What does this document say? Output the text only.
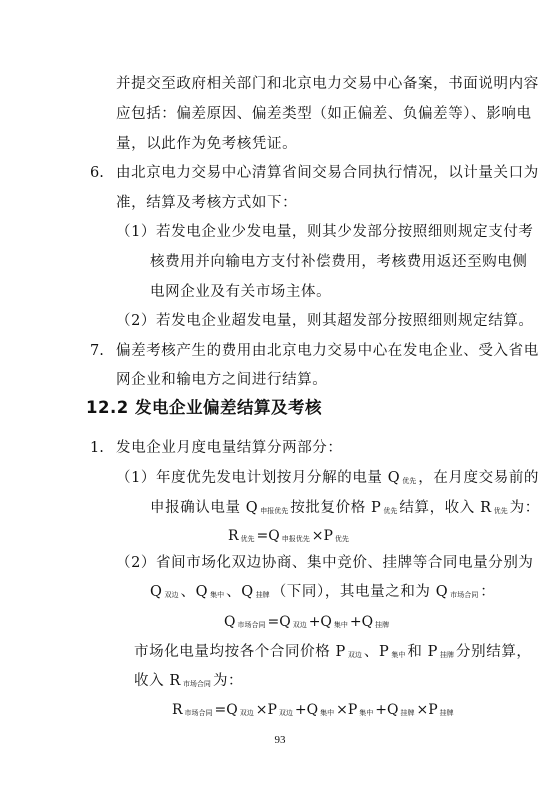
并提交至政府相关部门和北京电力交易中心备案，书面说明内容
应包括：偏差原因、偏差类型（如正偏差、负偏差等）、影响电
量，以此作为免考核凭证。
6. 由北京电力交易中心清算省间交易合同执行情况，以计量关口为
准，结算及考核方式如下：
（1）若发电企业少发电量，则其少发部分按照细则规定支付考
核费用并向输电方支付补偿费用，考核费用返还至购电侧
电网企业及有关市场主体。
（2）若发电企业超发电量，则其超发部分按照细则规定结算。
7. 偏差考核产生的费用由北京电力交易中心在发电企业、受入省电
网企业和输电方之间进行结算。
12.2 发电企业偏差结算及考核
1. 发电企业月度电量结算分两部分：
（1）年度优先发电计划按月分解的电量 Q $_{优先}$ ，在月度交易前的
申报确认电量 Q $_{申报优先}$ 按批复价格 P $_{优先}$ 结算，收入 R $_{优先}$ 为：
R $_{优先}$ =Q $_{申报优先}$ ×P $_{优先}$
（2）省间市场化双边协商、集中竞价、挂牌等合同电量分别为
Q $_{双边}$ 、Q $_{集中}$ 、Q $_{挂牌}$ （下同），其电量之和为 Q $_{市场合同}$ ：
Q $_{市场合同}$ =Q $_{双边}$ +Q $_{集中}$ +Q $_{挂牌}$
市场化电量均按各个合同价格 P $_{双边}$ 、P $_{集中}$ 和 P $_{挂牌}$ 分别结算，
收入 R $_{市场合同}$ 为：
R $_{市场合同}$ =Q $_{双边}$ ×P $_{双边}$ +Q $_{集中}$ ×P $_{集中}$ +Q $_{挂牌}$ ×P $_{挂牌}$
93
